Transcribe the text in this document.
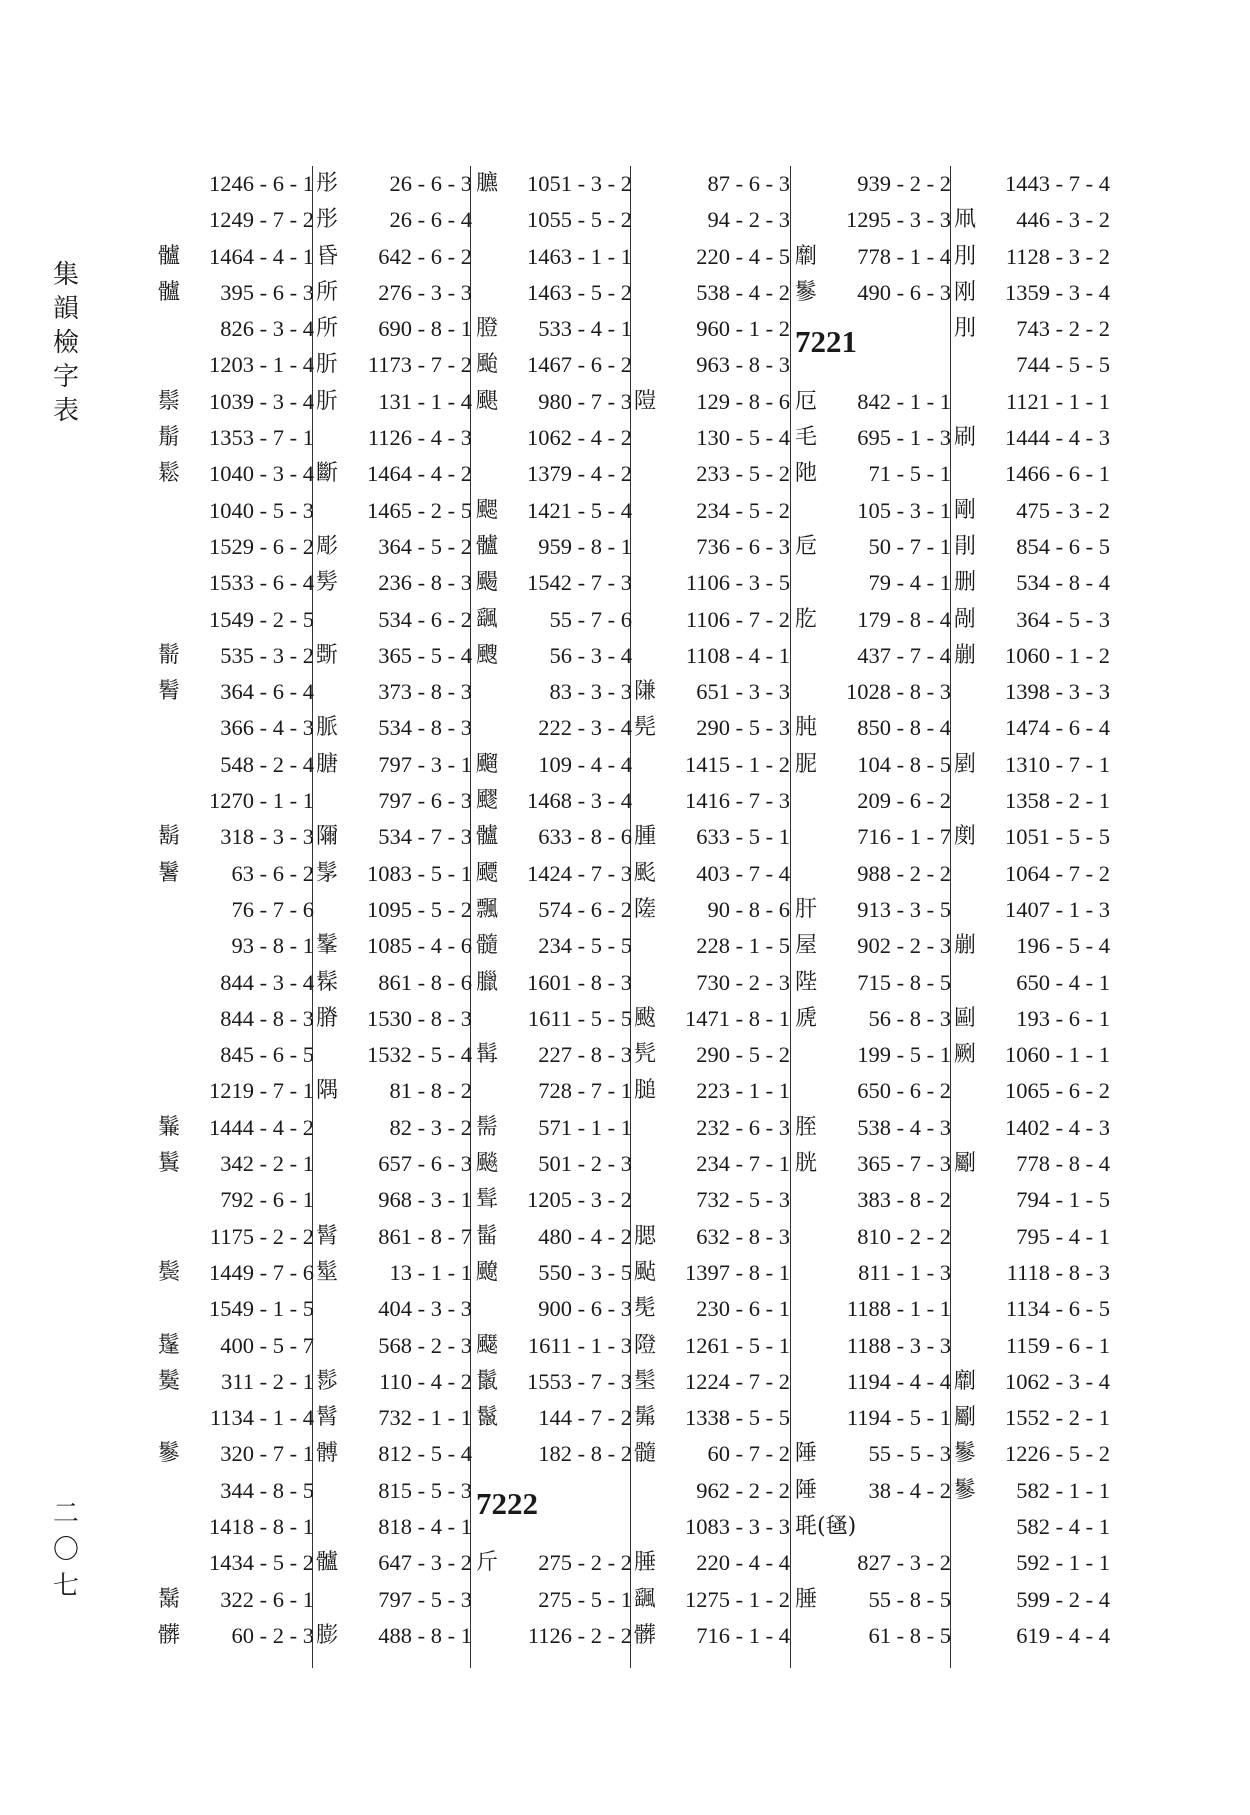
集
韻
檢
字
表
二
〇
七
1246 - 6 - 1
1249 - 7 - 2
髗	1464 - 4 - 1
髗	395 - 6 - 3
826 - 3 - 4
1203 - 1 - 4
鬃	1039 - 3 - 4
鬅	1353 - 7 - 1
鬆	1040 - 3 - 4
1040 - 5 - 3
1529 - 6 - 2
1533 - 6 - 4
1549 - 2 - 5
鬋	535 - 3 - 2
鬌	364 - 6 - 4
366 - 4 - 3
548 - 2 - 4
1270 - 1 - 1
鬍	318 - 3 - 3
鬐	63 - 6 - 2
76 - 7 - 6
93 - 8 - 1
844 - 3 - 4
844 - 8 - 3
845 - 6 - 5
1219 - 7 - 1
鬑	1444 - 4 - 2
鬒	342 - 2 - 1
792 - 6 - 1
1175 - 2 - 2
鬓	1449 - 7 - 6
1549 - 1 - 5
鬔	400 - 5 - 7
鬕	311 - 2 - 1
1134 - 1 - 4
鬖	320 - 7 - 1
344 - 8 - 5
1418 - 8 - 1
1434 - 5 - 2
鬗	322 - 6 - 1
髒	60 - 2 - 3
彤	26 - 6 - 3
彤	26 - 6 - 4
昏	642 - 6 - 2
所	276 - 3 - 3
所	690 - 8 - 1
肵	1173 - 7 - 2
肵	131 - 1 - 4
1126 - 4 - 3
斷	1464 - 4 - 2
1465 - 2 - 5
彫	364 - 5 - 2
髣	236 - 8 - 3
534 - 6 - 2
斲	365 - 5 - 4
373 - 8 - 3
脈	534 - 8 - 3
膅	797 - 3 - 1
797 - 6 - 3
隬	534 - 7 - 3
髳	1083 - 5 - 1
1095 - 5 - 2
髼	1085 - 4 - 6
髹	861 - 8 - 6
膌	1530 - 8 - 3
1532 - 5 - 4
隅	81 - 8 - 2
82 - 3 - 2
657 - 6 - 3
968 - 3 - 1
髾	861 - 8 - 7
髽	13 - 1 - 1
404 - 3 - 3
568 - 2 - 3
髿	110 - 4 - 2
髾	732 - 1 - 1
髆	812 - 5 - 4
815 - 5 - 3
818 - 4 - 1
髗	647 - 3 - 2
797 - 5 - 3
膨	488 - 8 - 1
臕	1051 - 3 - 2
1055 - 5 - 2
1463 - 1 - 1
1463 - 5 - 2
膯	533 - 4 - 1
颱	1467 - 6 - 2
颶	980 - 7 - 3
1062 - 4 - 2
1379 - 4 - 2
颸	1421 - 5 - 4
髗	959 - 8 - 1
颺	1542 - 7 - 3
颻	55 - 7 - 6
颼	56 - 3 - 4
83 - 3 - 3
222 - 3 - 4
飀	109 - 4 - 4
飂	1468 - 3 - 4
髗	633 - 8 - 6
飃	1424 - 7 - 3
飄	574 - 6 - 2
髓	234 - 5 - 5
臘	1601 - 8 - 3
1611 - 5 - 5
髯	227 - 8 - 3
728 - 7 - 1
髵	571 - 1 - 1
飈	501 - 2 - 3
髶	1205 - 3 - 2
髷	480 - 4 - 2
飉	550 - 3 - 5
900 - 6 - 3
飋	1611 - 1 - 3
鬛	1553 - 7 - 3
鬣	144 - 7 - 2
182 - 8 - 2
7222
斤	275 - 2 - 2
275 - 5 - 1
1126 - 2 - 2
87 - 6 - 3
94 - 2 - 3
220 - 4 - 5
538 - 4 - 2
960 - 1 - 2
963 - 8 - 3
隑	129 - 8 - 6
130 - 5 - 4
233 - 5 - 2
234 - 5 - 2
736 - 6 - 3
1106 - 3 - 5
1106 - 7 - 2
1108 - 4 - 1
隒	651 - 3 - 3
髡	290 - 5 - 3
1415 - 1 - 2
1416 - 7 - 3
腫	633 - 5 - 1
颩	403 - 7 - 4
隓	90 - 8 - 6
228 - 1 - 5
730 - 2 - 3
颰	1471 - 8 - 1
髠	290 - 5 - 2
膇	223 - 1 - 1
232 - 6 - 3
234 - 7 - 1
732 - 5 - 3
腮	632 - 8 - 3
颭	1397 - 8 - 1
髧	230 - 6 - 1
隥	1261 - 5 - 1
髬	1224 - 7 - 2
髴	1338 - 5 - 5
髓	60 - 7 - 2
962 - 2 - 2
1083 - 3 - 3
腄	220 - 4 - 4
颻	1275 - 1 - 2
髒	716 - 1 - 4
939 - 2 - 2
1295 - 3 - 3
劘	778 - 1 - 4
鬖	490 - 6 - 3
7221
厄	842 - 1 - 1
毛	695 - 1 - 3
阤	71 - 5 - 1
105 - 3 - 1
卮	50 - 7 - 1
79 - 4 - 1
肐	179 - 8 - 4
437 - 7 - 4
1028 - 8 - 3
肫	850 - 8 - 4
胒	104 - 8 - 5
209 - 6 - 2
716 - 1 - 7
988 - 2 - 2
肝	913 - 3 - 5
屋	902 - 2 - 3
陛	715 - 8 - 5
虒	56 - 8 - 3
199 - 5 - 1
650 - 6 - 2
胵	538 - 4 - 3
胱	365 - 7 - 3
383 - 8 - 2
810 - 2 - 2
811 - 1 - 3
1188 - 1 - 1
1188 - 3 - 3
1194 - 4 - 4
1194 - 5 - 1
陲	55 - 5 - 3
陲	38 - 4 - 2
毦(㲧)
827 - 3 - 2
腄	55 - 8 - 5
61 - 8 - 5
1443 - 7 - 4
凧	446 - 3 - 2
刖	1128 - 3 - 2
刚	1359 - 3 - 4
刖	743 - 2 - 2
744 - 5 - 5
1121 - 1 - 1
刷	1444 - 4 - 3
1466 - 6 - 1
剛	475 - 3 - 2
剈	854 - 6 - 5
删	534 - 8 - 4
剮	364 - 5 - 3
剻	1060 - 1 - 2
1398 - 3 - 3
1474 - 6 - 4
剭	1310 - 7 - 1
1358 - 2 - 1
剫	1051 - 5 - 5
1064 - 7 - 2
1407 - 1 - 3
剻	196 - 5 - 4
650 - 4 - 1
剾	193 - 6 - 1
劂	1060 - 1 - 1
1065 - 6 - 2
1402 - 4 - 3
劚	778 - 8 - 4
794 - 1 - 5
795 - 4 - 1
1118 - 8 - 3
1134 - 6 - 5
1159 - 6 - 1
劘	1062 - 3 - 4
劚	1552 - 2 - 1
鬖	1226 - 5 - 2
鬖	582 - 1 - 1
582 - 4 - 1
592 - 1 - 1
599 - 2 - 4
619 - 4 - 4
